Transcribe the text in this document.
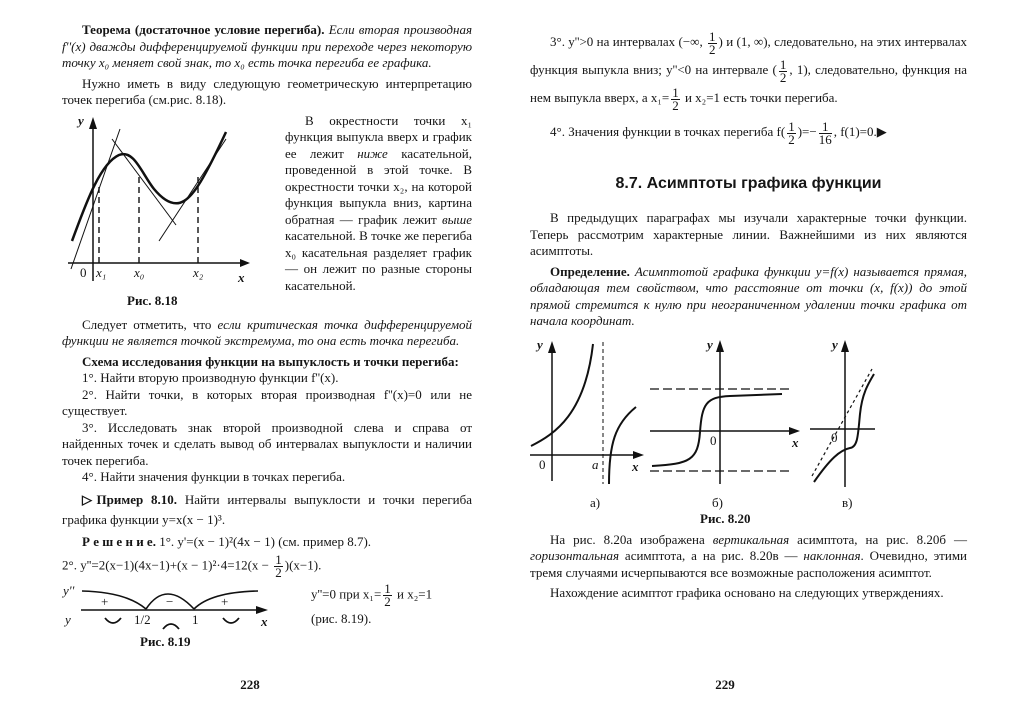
Теорема (достаточное условие перегиба). Если вторая производная f''(x) дважды дифференцируемой функции при переходе через некоторую точку x₀ меняет свой знак, то x₀ есть точка перегиба ее графика.

Нужно иметь в виду следующую геометрическую интерпретацию точек перегиба (см.рис. 8.18).

y
0 x₁ x₀	x₂	x
Рис. 8.18

В окрестности точки x₁ функция выпукла вверх и график ее лежит ниже касательной, проведенной в этой точке. В окрестности точки x₂, на которой функция выпукла вниз, картина обратная — график лежит выше касательной. В точке же перегиба x₀ касательная разделяет график — он лежит по разные стороны касательной.

Следует отметить, что если критическая точка дифференцируемой функции не является точкой экстремума, то она есть точка перегиба.

Схема исследования функции на выпуклость и точки перегиба:

1°. Найти вторую производную функции f''(x).
2°. Найти точки, в которых вторая производная f''(x)=0 или не существует.
3°. Исследовать знак второй производной слева и справа от найденных точек и сделать вывод об интервалах выпуклости и наличии точек перегиба.
4°. Найти значения функции в точках перегиба.

▷Пример 8.10. Найти интервалы выпуклости и точки перегиба графика функции y=x(x − 1)³.

Р е ш е н и е. 1°. y'=(x − 1)²(4x − 1) (см. пример 8.7).

2°. $y''=2(x-1)(4x-1)+(x - 1)^2\cdot 4=12(x - \frac{1}{2} )(x-1)$.

y''
y
+	−	+
1/2	1	x
Рис. 8.19

y''=0 при $x_1= \frac{1}{2}$ и x₂=1
(рис. 8.19).

228

3°. y''>0 на интервалах (−∞, $\frac{1}{2}$ ) и (1, ∞), следовательно, на этих интервалах функция выпукла вниз; y''<0 на интервале ( $\frac{1}{2}$ , 1), следовательно, функция на нем выпукла вверх, а $x_1= \frac{1}{2}$ и x₂=1 есть точки перегиба.

4°. Значения функции в точках перегиба $f( \frac{1}{2}$ )=− $\frac{1}{16}$ , f(1)=0.▶

8.7. Асимптоты графика функции

В предыдущих параграфах мы изучали характерные точки функции. Теперь рассмотрим характерные линии. Важнейшими из них являются асимптоты.

Определение. Асимптотой графика функции y=f(x) называется прямая, обладающая тем свойством, что расстояние от точки (x, f(x)) до этой прямой стремится к нулю при неограниченном удалении точки графика от начала координат.

y
0	a	x
а)
y
0	x
б)
y
0
в)
Рис. 8.20

На рис. 8.20а изображена вертикальная асимптота, на рис. 8.20б — горизонтальная асимптота, а на рис. 8.20в — наклонная. Очевидно, этими тремя случаями исчерпываются все возможные расположения асимптот.

Нахождение асимптот графика основано на следующих утверждениях.

229
